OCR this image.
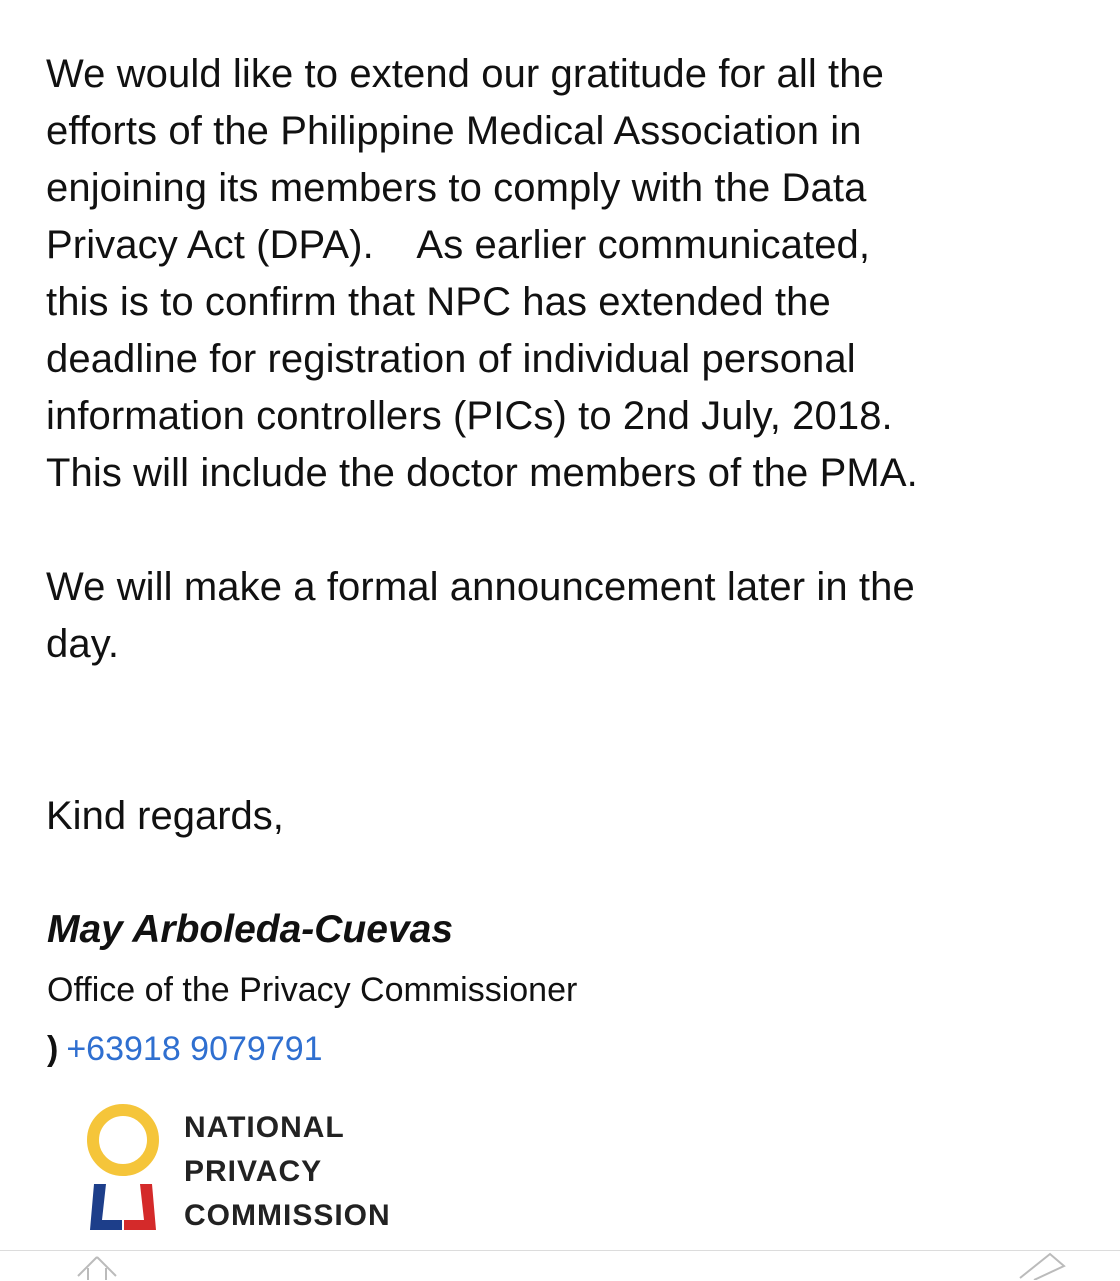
We would like to extend our gratitude for all the
efforts of the Philippine Medical Association in
enjoining its members to comply with the Data
Privacy Act (DPA).    As earlier communicated,
this is to confirm that NPC has extended the
deadline for registration of individual personal
information controllers (PICs) to 2nd July, 2018.
This will include the doctor members of the PMA.

We will make a formal announcement later in the
day.

Kind regards,

May Arboleda-Cuevas

Office of the Privacy Commissioner

) +63918 9079791

NATIONAL
PRIVACY
COMMISSION
